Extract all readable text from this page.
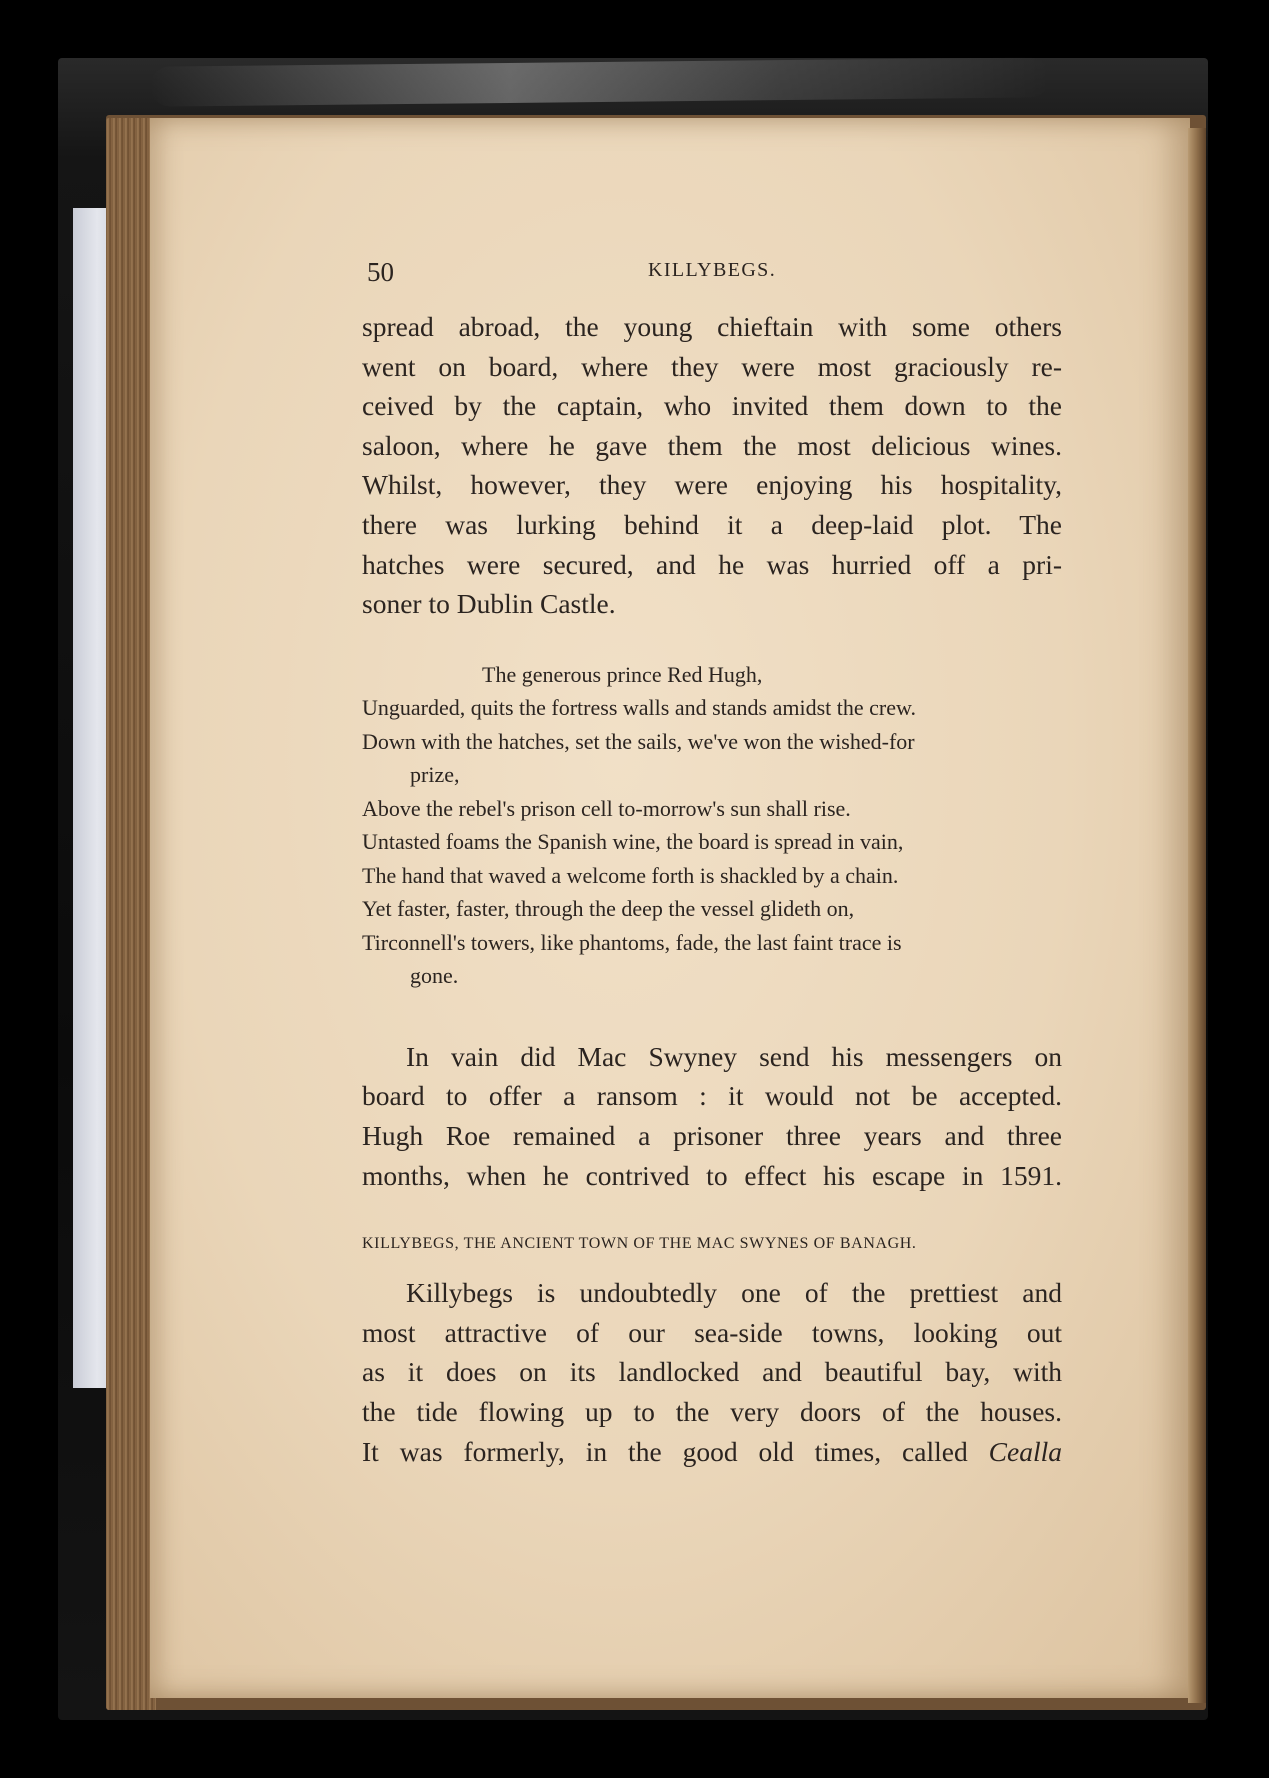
50	KILLYBEGS.
spread abroad, the young chieftain with some others
went on board, where they were most graciously re-
ceived by the captain, who invited them down to the
saloon, where he gave them the most delicious wines.
Whilst, however, they were enjoying his hospitality,
there was lurking behind it a deep-laid plot. The
hatches were secured, and he was hurried off a pri-
soner to Dublin Castle.
The generous prince Red Hugh,
Unguarded, quits the fortress walls and stands amidst the crew.
Down with the hatches, set the sails, we've won the wished-for
prize,
Above the rebel's prison cell to-morrow's sun shall rise.
Untasted foams the Spanish wine, the board is spread in vain,
The hand that waved a welcome forth is shackled by a chain.
Yet faster, faster, through the deep the vessel glideth on,
Tirconnell's towers, like phantoms, fade, the last faint trace is
gone.
In vain did Mac Swyney send his messengers on
board to offer a ransom : it would not be accepted.
Hugh Roe remained a prisoner three years and three
months, when he contrived to effect his escape in 1591.
KILLYBEGS, THE ANCIENT TOWN OF THE MAC SWYNES OF BANAGH.
Killybegs is undoubtedly one of the prettiest and
most attractive of our sea-side towns, looking out
as it does on its landlocked and beautiful bay, with
the tide flowing up to the very doors of the houses.
It was formerly, in the good old times, called Cealla
